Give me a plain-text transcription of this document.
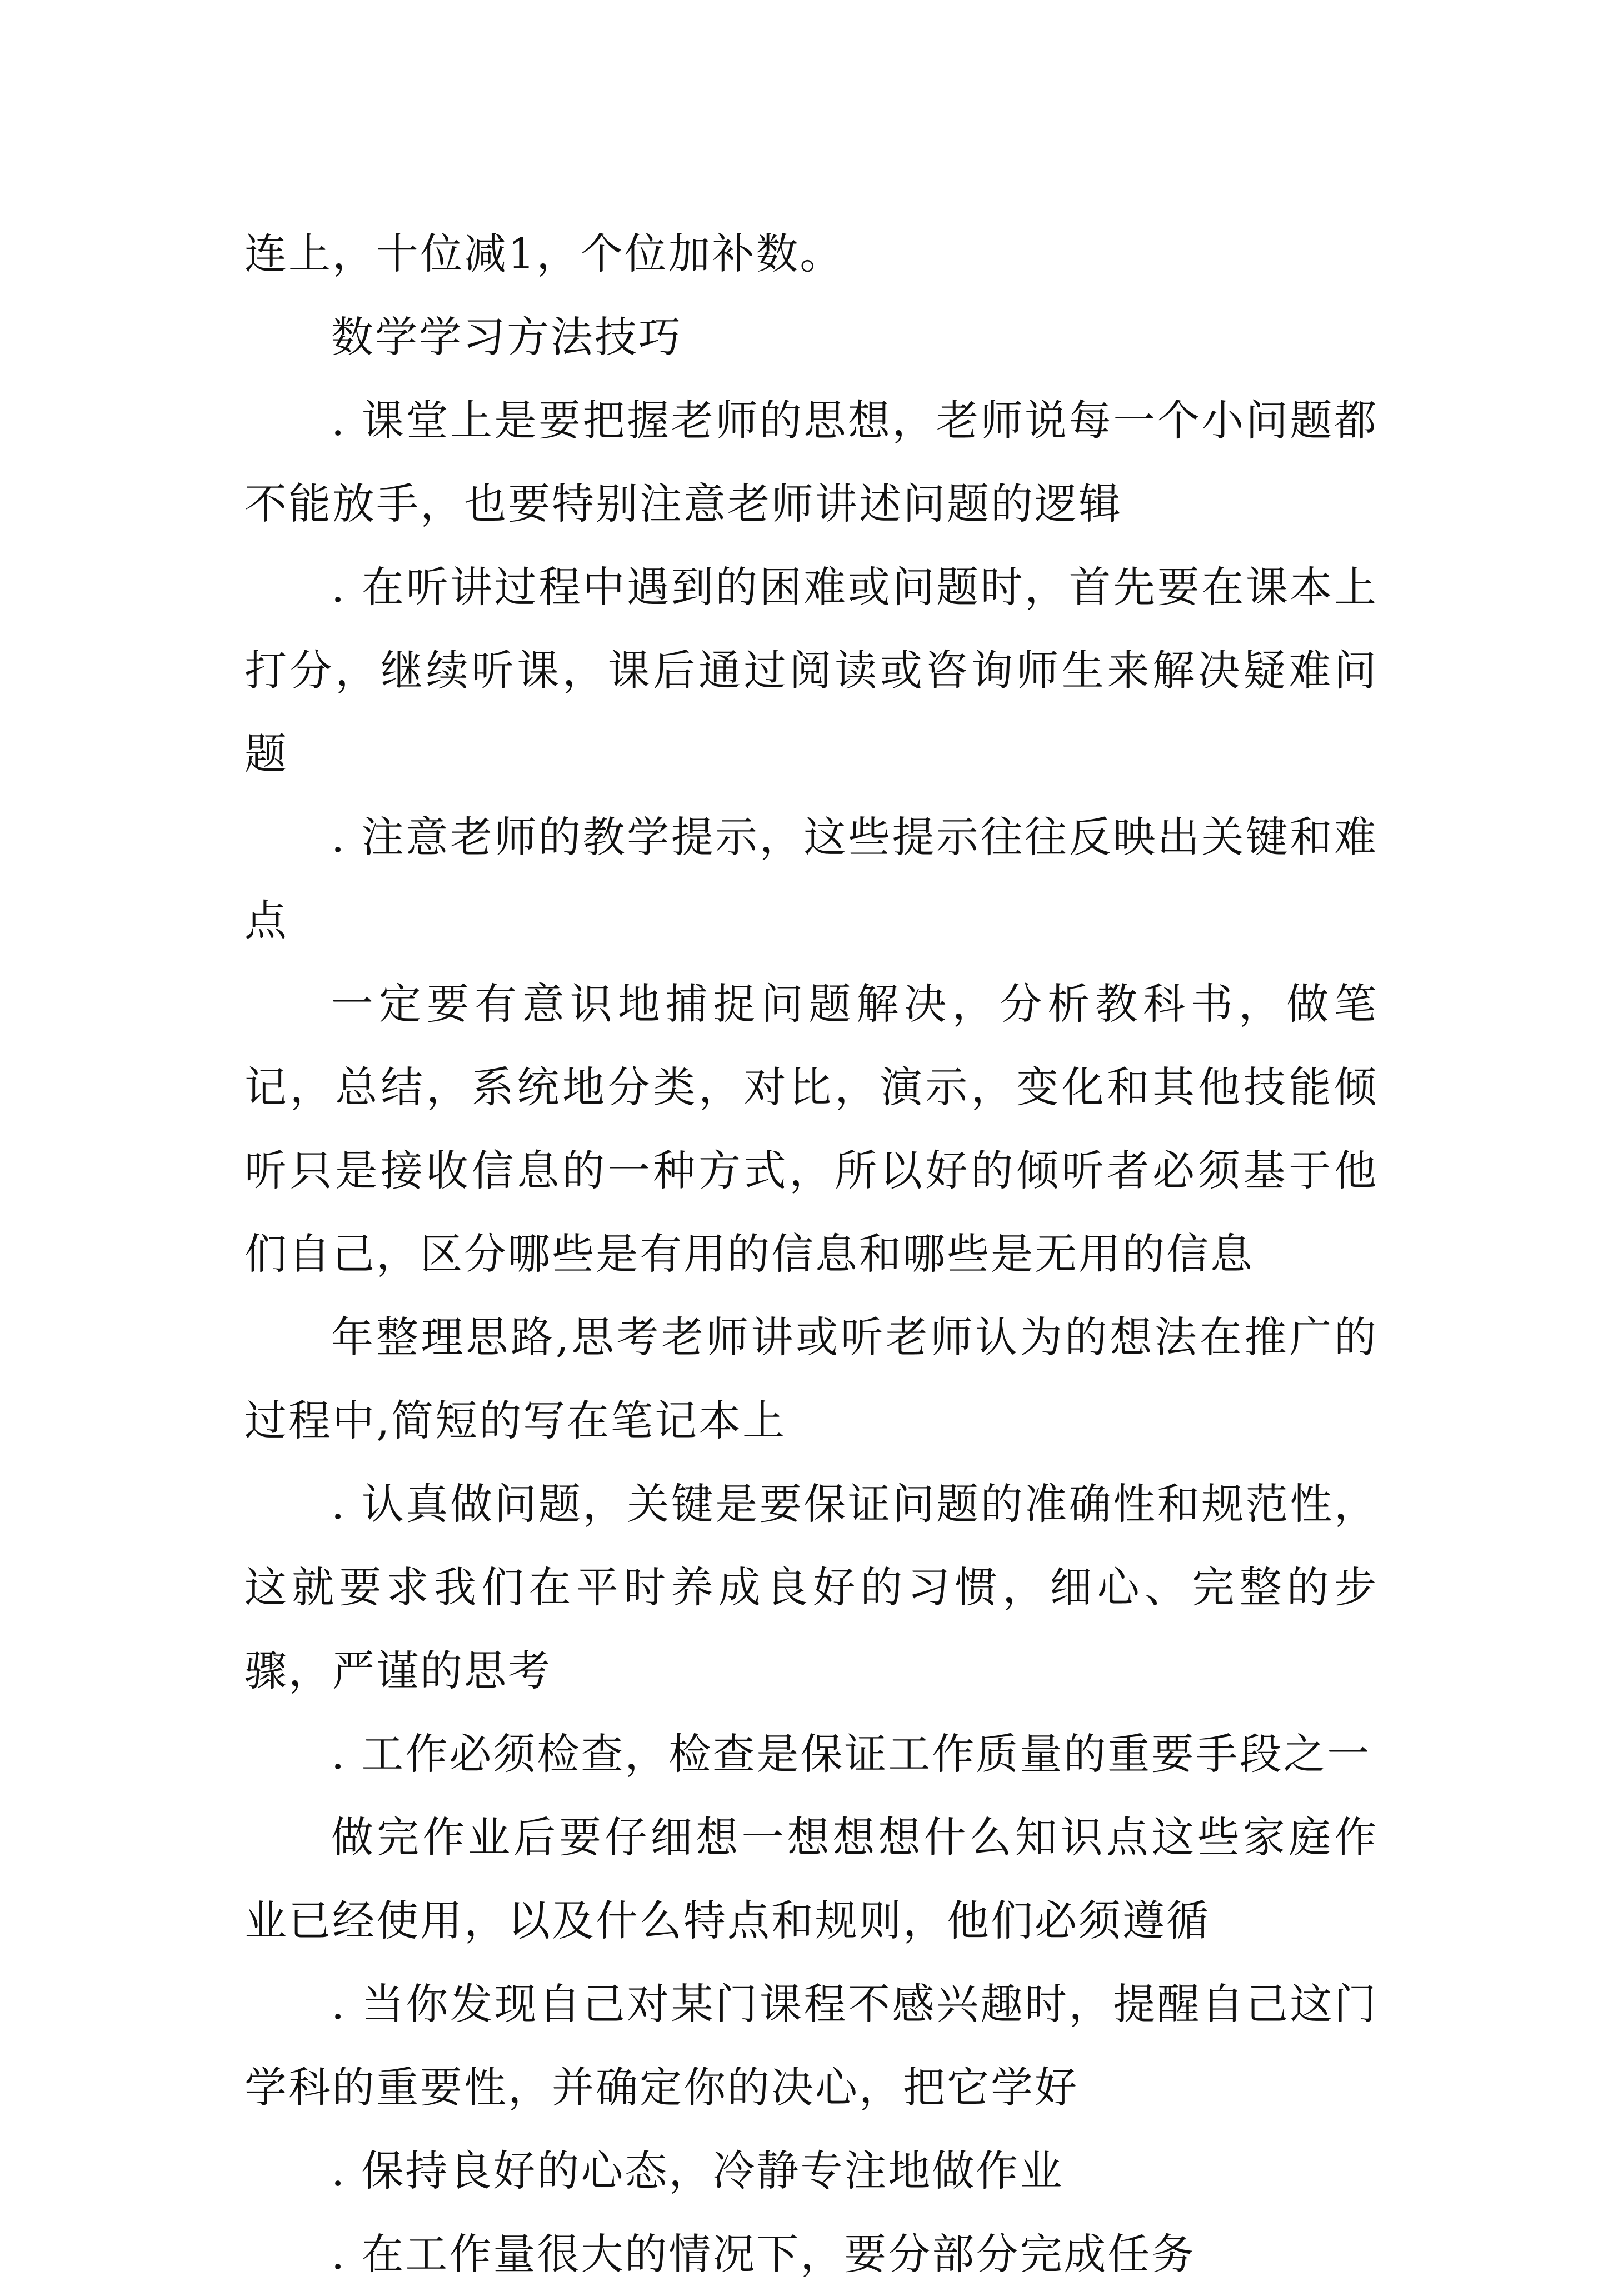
连上，十位减1，个位加补数。

数学学习方法技巧

. 课堂上是要把握老师的思想，老师说每一个小问题都不能放手，也要特别注意老师讲述问题的逻辑

. 在听讲过程中遇到的困难或问题时，首先要在课本上打分，继续听课，课后通过阅读或咨询师生来解决疑难问题

. 注意老师的教学提示，这些提示往往反映出关键和难点

一定要有意识地捕捉问题解决，分析教科书，做笔记，总结，系统地分类，对比，演示，变化和其他技能倾听只是接收信息的一种方式，所以好的倾听者必须基于他们自己，区分哪些是有用的信息和哪些是无用的信息

年整理思路,思考老师讲或听老师认为的想法在推广的过程中,简短的写在笔记本上

. 认真做问题，关键是要保证问题的准确性和规范性，这就要求我们在平时养成良好的习惯，细心、完整的步骤，严谨的思考

. 工作必须检查，检查是保证工作质量的重要手段之一

做完作业后要仔细想一想想想什么知识点这些家庭作业已经使用，以及什么特点和规则，他们必须遵循

. 当你发现自己对某门课程不感兴趣时，提醒自己这门学科的重要性，并确定你的决心，把它学好

. 保持良好的心态，冷静专注地做作业

. 在工作量很大的情况下，要分部分完成任务
